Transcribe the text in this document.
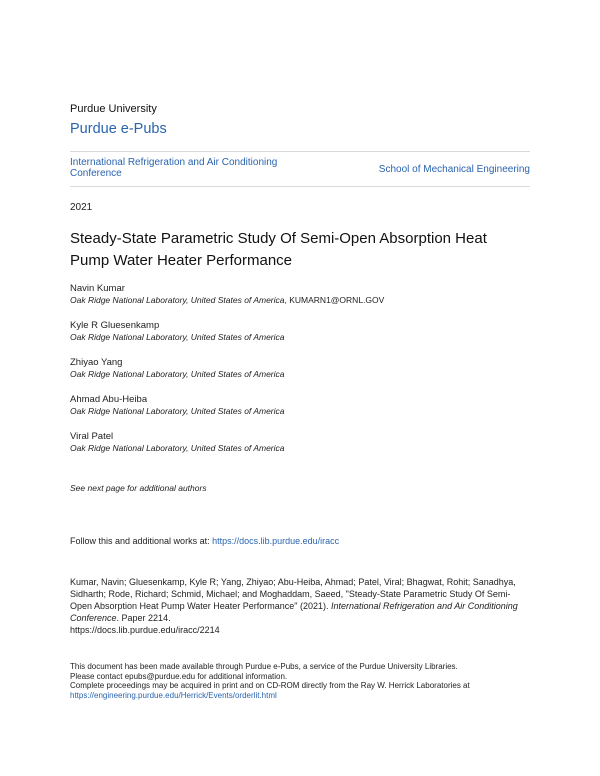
Purdue University
Purdue e-Pubs
International Refrigeration and Air Conditioning Conference	School of Mechanical Engineering
2021
Steady-State Parametric Study Of Semi-Open Absorption Heat Pump Water Heater Performance
Navin Kumar
Oak Ridge National Laboratory, United States of America, KUMARN1@ORNL.GOV
Kyle R Gluesenkamp
Oak Ridge National Laboratory, United States of America
Zhiyao Yang
Oak Ridge National Laboratory, United States of America
Ahmad Abu-Heiba
Oak Ridge National Laboratory, United States of America
Viral Patel
Oak Ridge National Laboratory, United States of America
See next page for additional authors
Follow this and additional works at: https://docs.lib.purdue.edu/iracc
Kumar, Navin; Gluesenkamp, Kyle R; Yang, Zhiyao; Abu-Heiba, Ahmad; Patel, Viral; Bhagwat, Rohit; Sanadhya, Sidharth; Rode, Richard; Schmid, Michael; and Moghaddam, Saeed, "Steady-State Parametric Study Of Semi-Open Absorption Heat Pump Water Heater Performance" (2021). International Refrigeration and Air Conditioning Conference. Paper 2214.
https://docs.lib.purdue.edu/iracc/2214
This document has been made available through Purdue e-Pubs, a service of the Purdue University Libraries.
Please contact epubs@purdue.edu for additional information.
Complete proceedings may be acquired in print and on CD-ROM directly from the Ray W. Herrick Laboratories at
https://engineering.purdue.edu/Herrick/Events/orderlit.html
